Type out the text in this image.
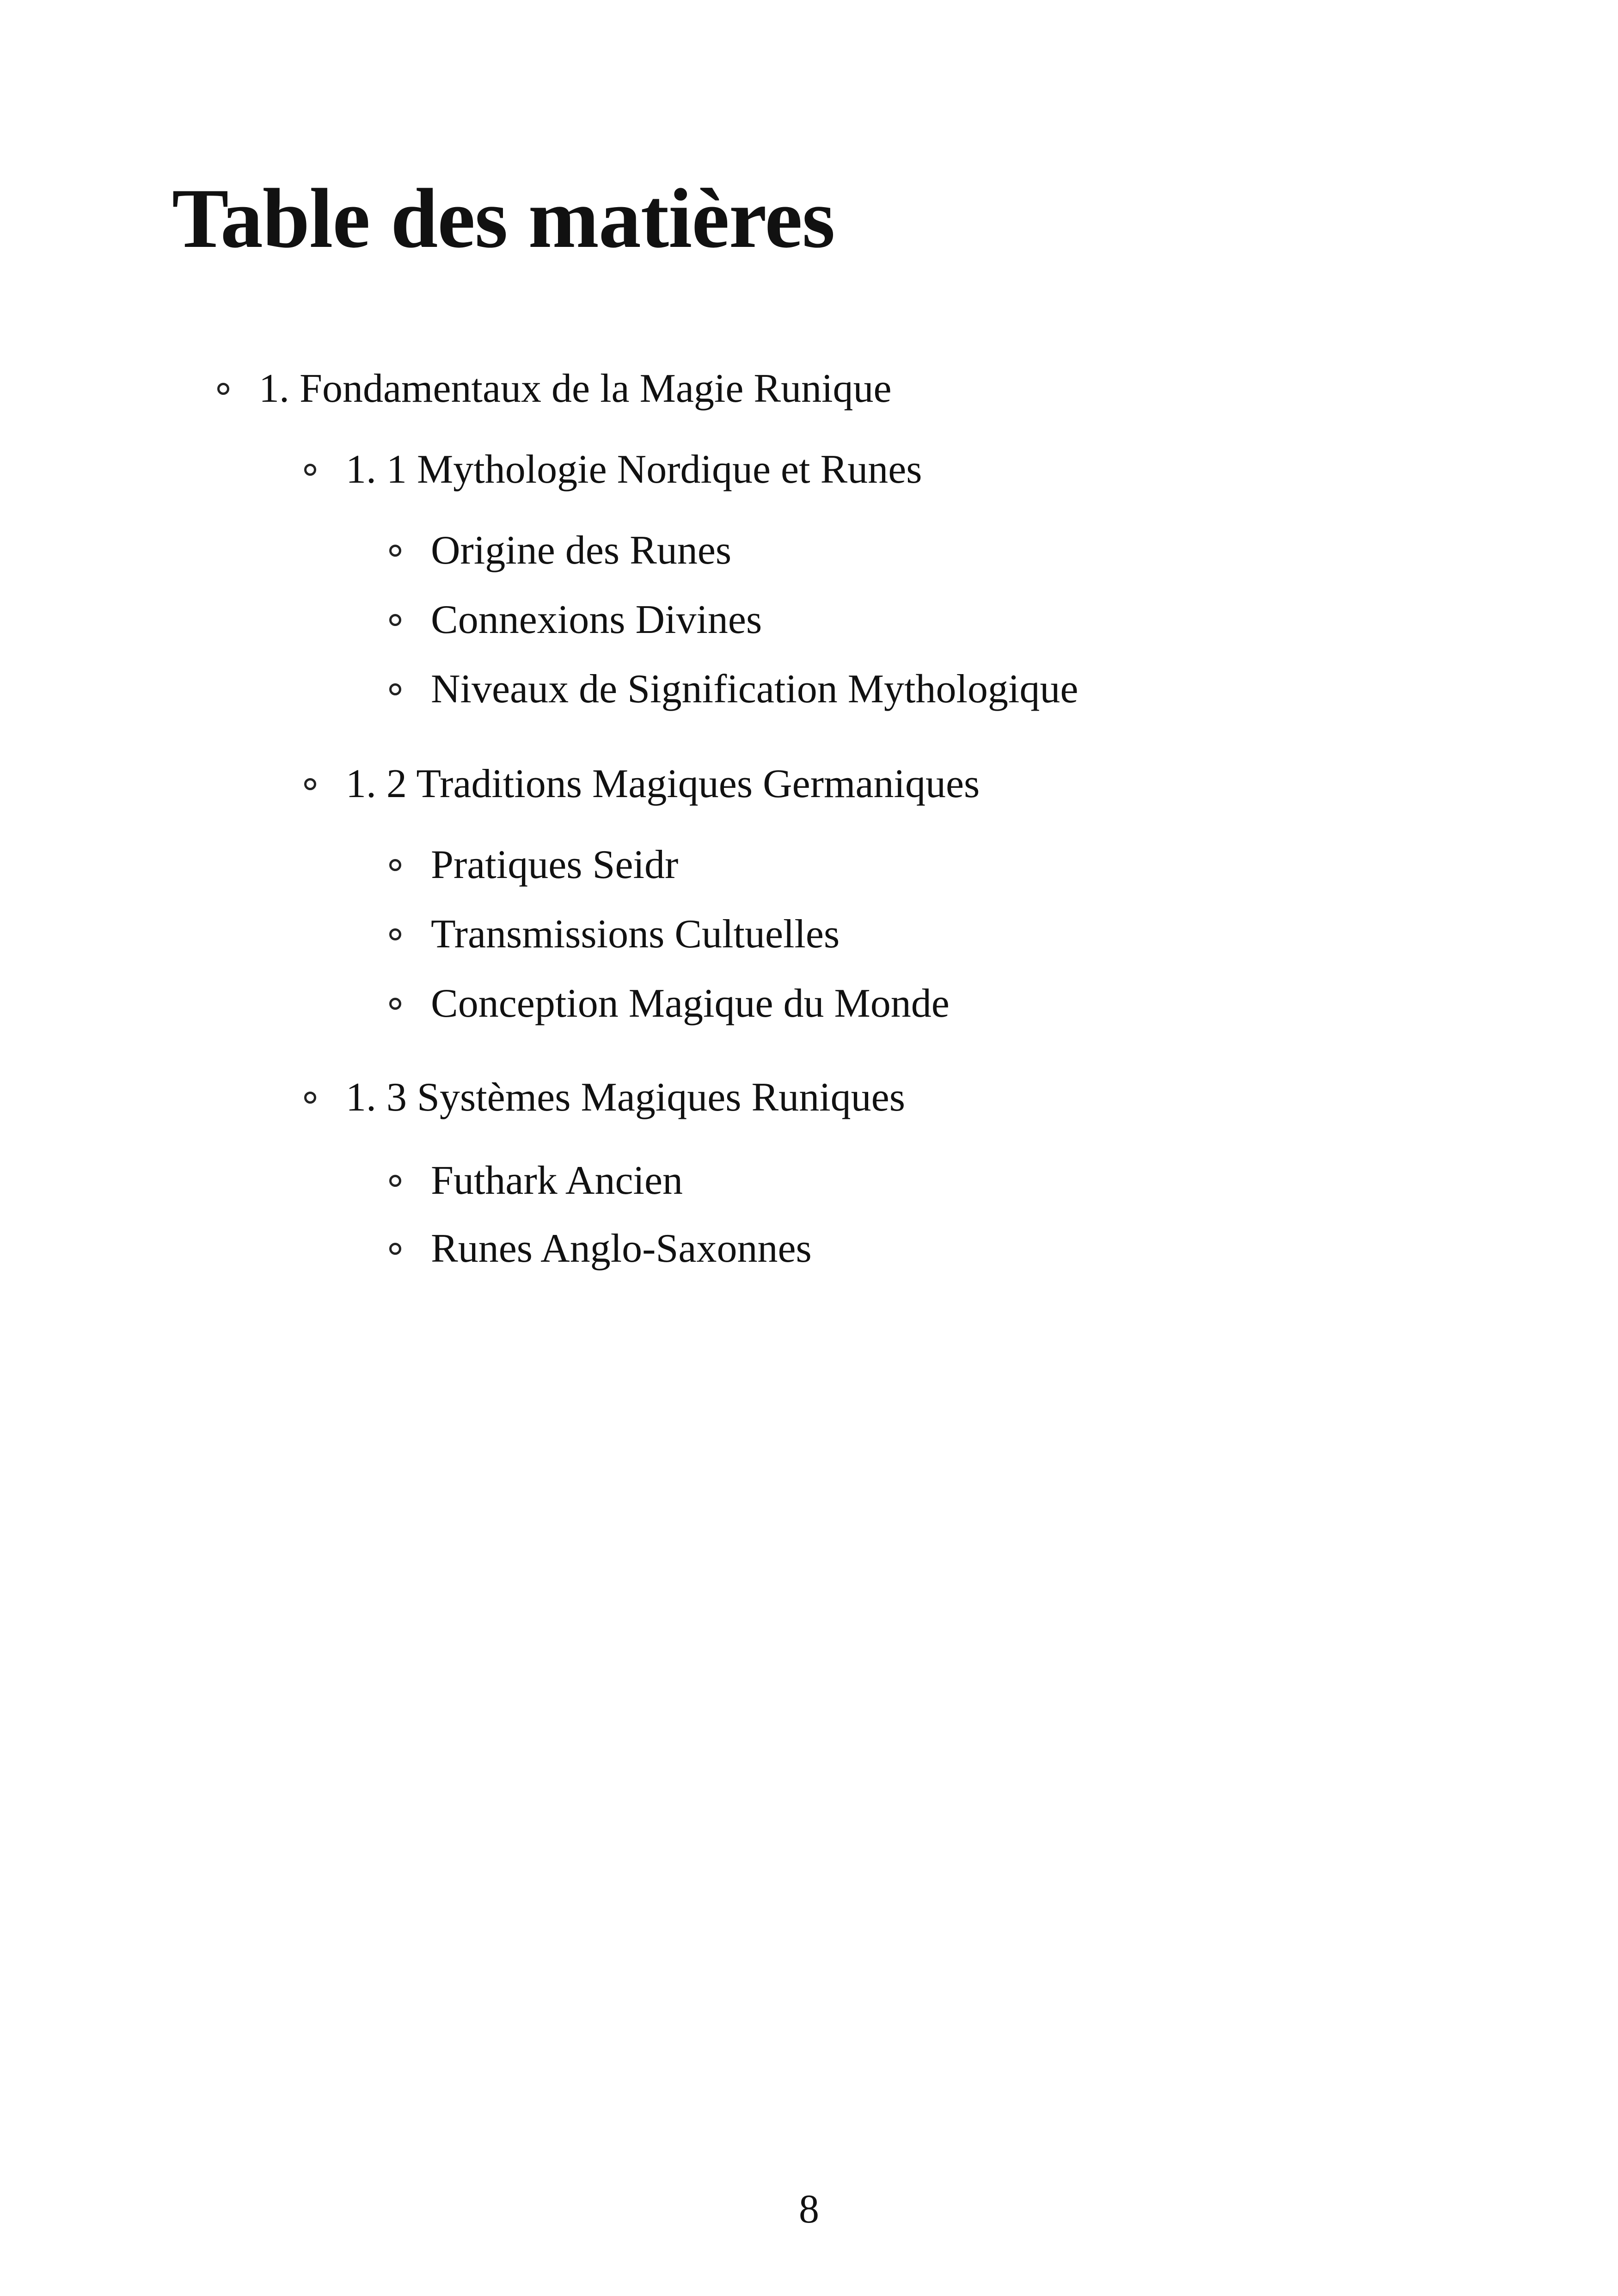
Table des matières
1. Fondamentaux de la Magie Runique
1. 1 Mythologie Nordique et Runes
Origine des Runes
Connexions Divines
Niveaux de Signification Mythologique
1. 2 Traditions Magiques Germaniques
Pratiques Seidr
Transmissions Cultuelles
Conception Magique du Monde
1. 3 Systèmes Magiques Runiques
Futhark Ancien
Runes Anglo-Saxonnes
8
